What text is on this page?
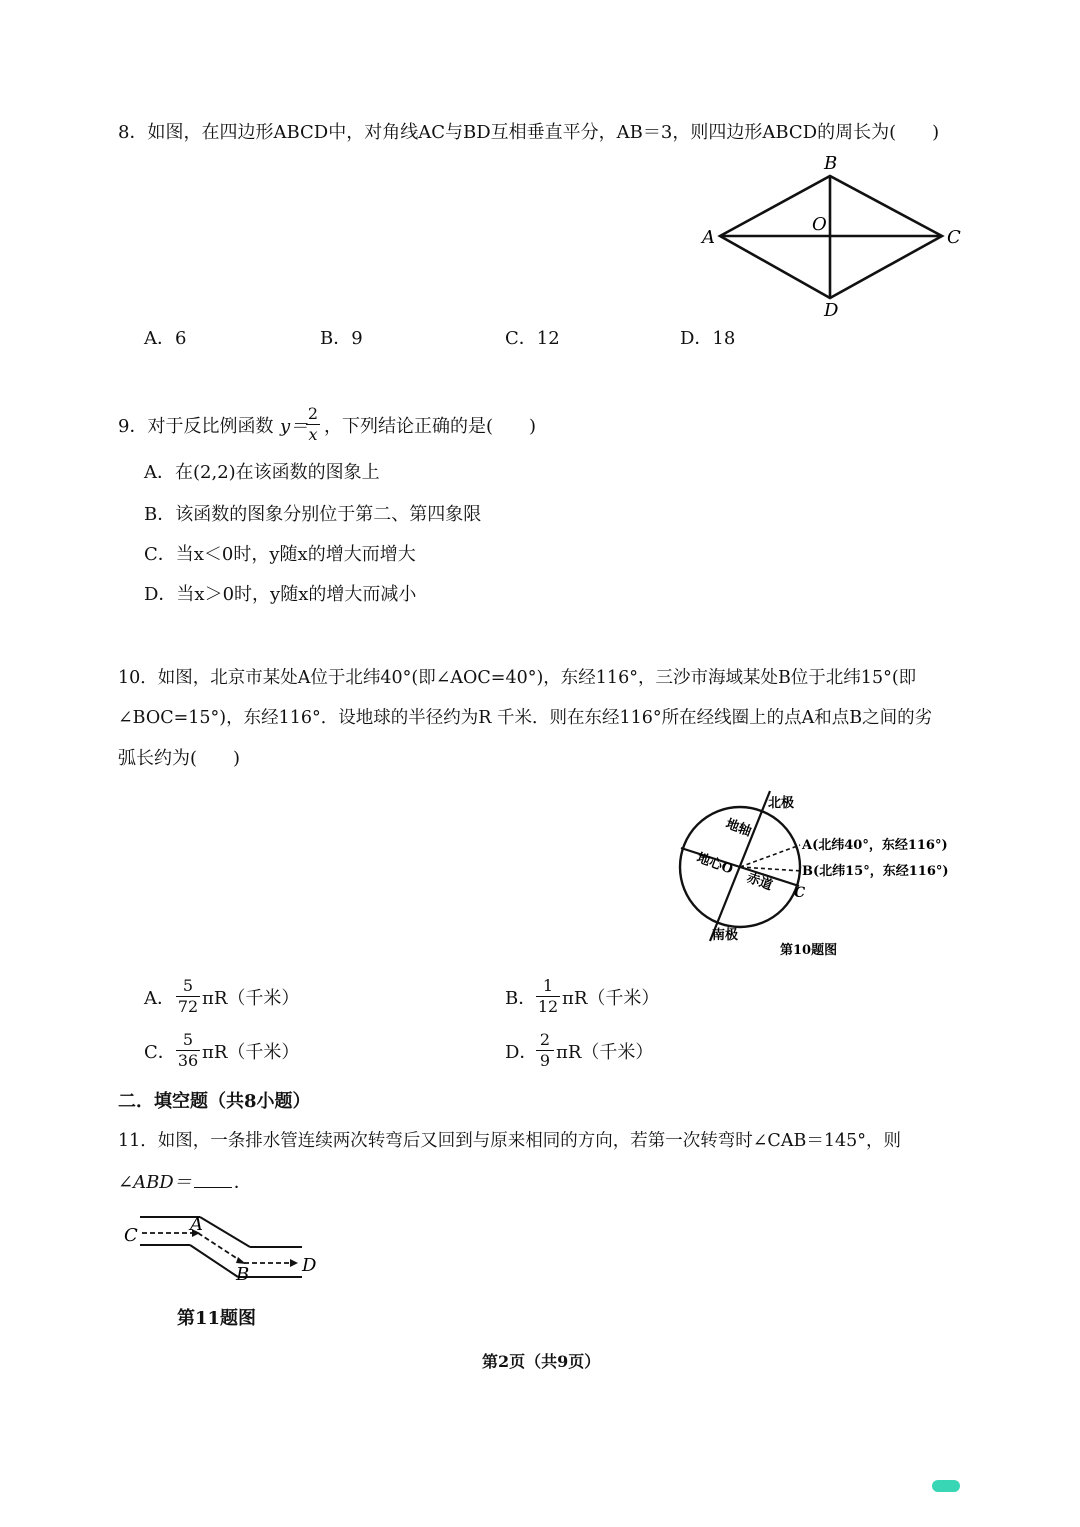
8．如图，在四边形ABCD中，对角线AC与BD互相垂直平分，AB＝3，则四边形ABCD的周长为(　　)
B
A	C
D
O
A．6	B．9	C．12	D．18
9．对于反比例函数 y＝
2
x ，下列结论正确的是(　　)
A．在(2,2)在该函数的图象上
B．该函数的图象分别位于第二、第四象限
C．当x＜0时，y随x的增大而增大
D．当x＞0时，y随x的增大而减小
10．如图，北京市某处A位于北纬40°(即∠AOC=40°)，东经116°，三沙市海域某处B位于北纬15°(即
∠BOC=15°)，东经116°．设地球的半径约为R 千米．则在东经116°所在经线圈上的点A和点B之间的劣
弧长约为(　　)
北极
南极
地轴
地心O
赤道
A(北纬40°，东经116°)
B(北纬15°，东经116°)
C
第10题图
A．
5
72 πR（千米）	B．
1
12 πR（千米）
C．
5
36 πR（千米）	D．
2
9 πR（千米）
二．填空题（共8小题）
11．如图，一条排水管连续两次转弯后又回到与原来相同的方向，若第一次转弯时∠CAB＝145°，则
∠ABD＝ ．
C
A
B	D
第11题图
第2页（共9页）
